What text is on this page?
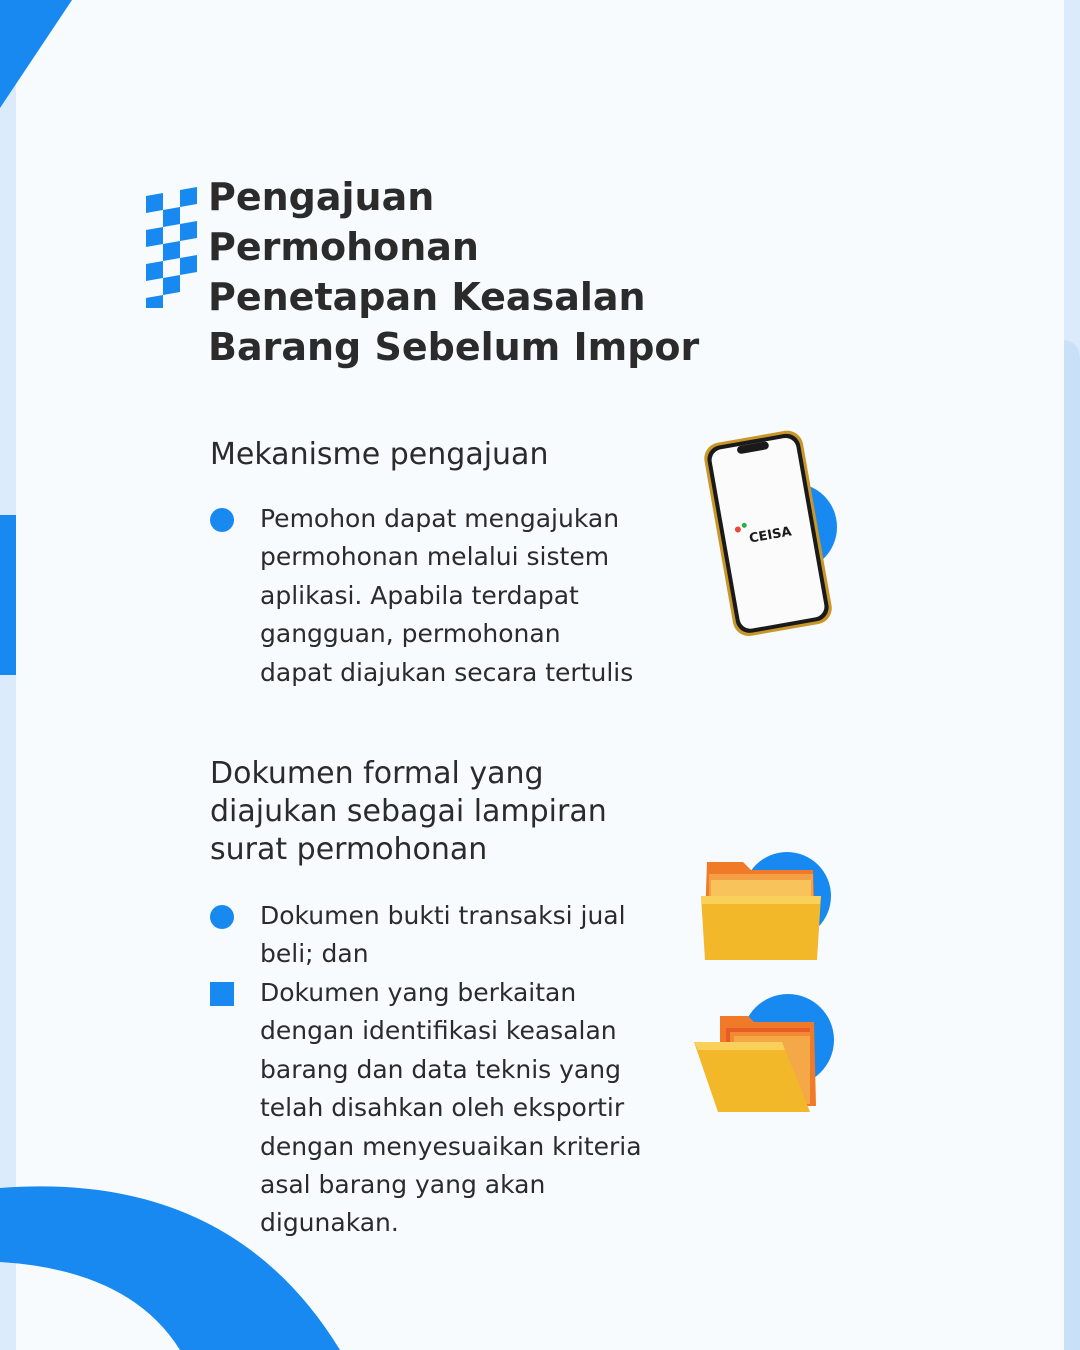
Pengajuan
Permohonan
Penetapan Keasalan
Barang Sebelum Impor
Mekanisme pengajuan
Pemohon dapat mengajukan
permohonan melalui sistem
aplikasi. Apabila terdapat
gangguan, permohonan
dapat diajukan secara tertulis
CEISA
Dokumen formal yang
diajukan sebagai lampiran
surat permohonan
Dokumen bukti transaksi jual
beli; dan
Dokumen yang berkaitan
dengan identifikasi keasalan
barang dan data teknis yang
telah disahkan oleh eksportir
dengan menyesuaikan kriteria
asal barang yang akan
digunakan.
